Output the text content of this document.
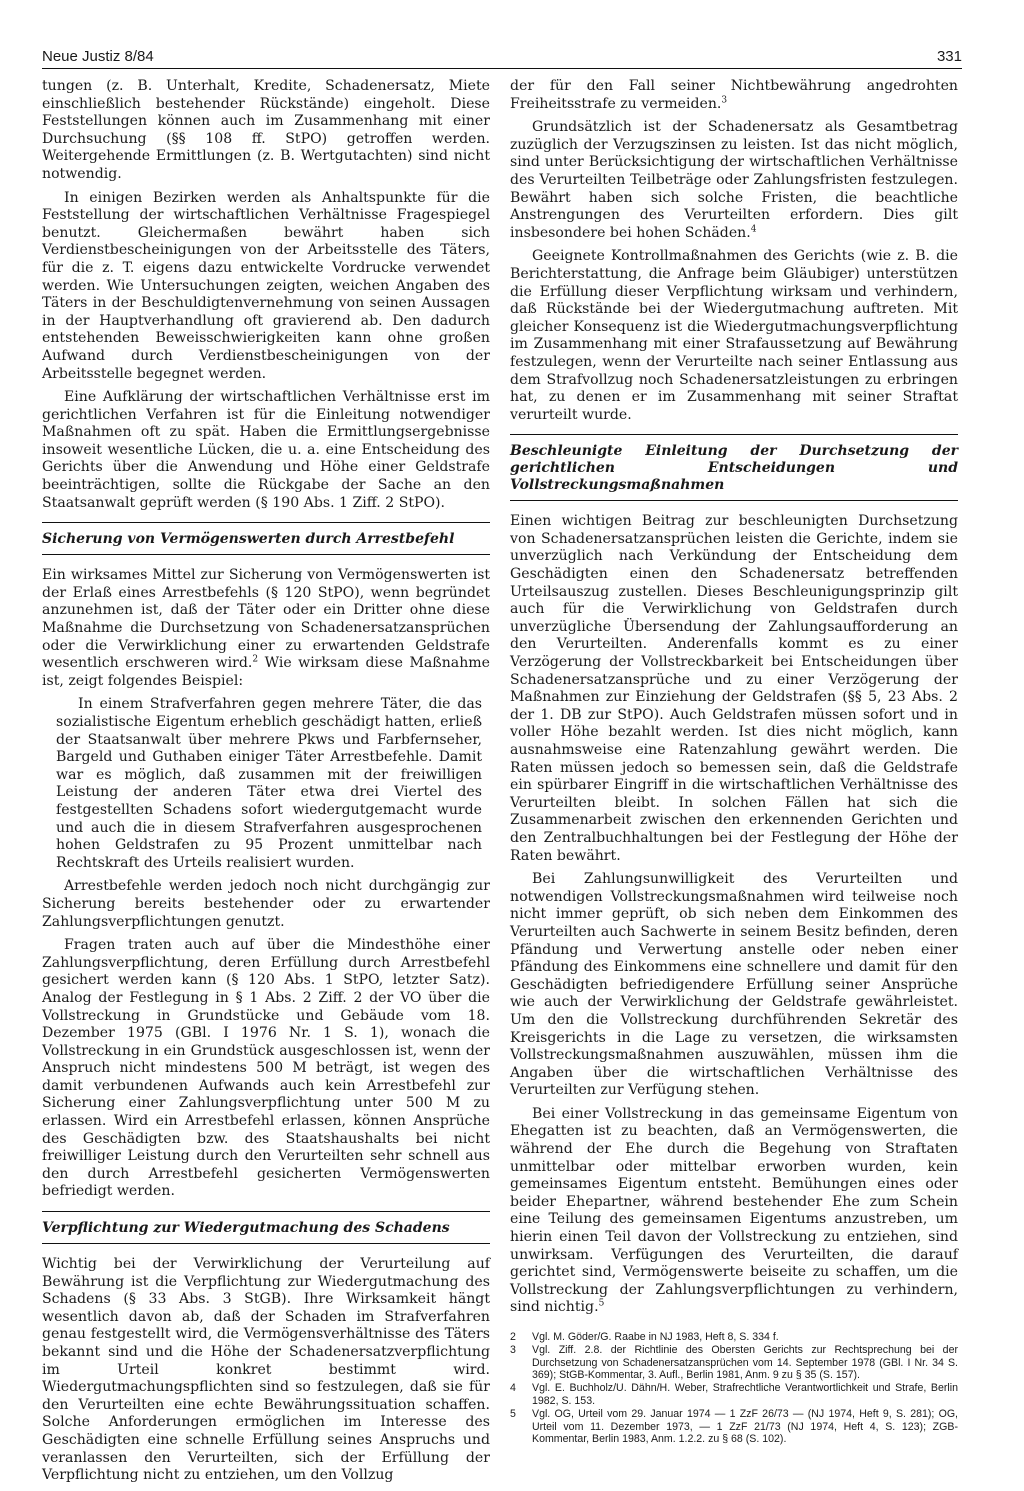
Neue Justiz 8/84	331

tungen (z. B. Unterhalt, Kredite, Schadenersatz, Miete einschließlich bestehender Rückstände) eingeholt. Diese Feststellungen können auch im Zusammenhang mit einer Durchsuchung (§§ 108 ff. StPO) getroffen werden. Weitergehende Ermittlungen (z. B. Wertgutachten) sind nicht notwendig.

In einigen Bezirken werden als Anhaltspunkte für die Feststellung der wirtschaftlichen Verhältnisse Fragespiegel benutzt. Gleichermaßen bewährt haben sich Verdienstbescheinigungen von der Arbeitsstelle des Täters, für die z. T. eigens dazu entwickelte Vordrucke verwendet werden. Wie Untersuchungen zeigten, weichen Angaben des Täters in der Beschuldigtenvernehmung von seinen Aussagen in der Hauptverhandlung oft gravierend ab. Den dadurch entstehenden Beweisschwierigkeiten kann ohne großen Aufwand durch Verdienstbescheinigungen von der Arbeitsstelle begegnet werden.

Eine Aufklärung der wirtschaftlichen Verhältnisse erst im gerichtlichen Verfahren ist für die Einleitung notwendiger Maßnahmen oft zu spät. Haben die Ermittlungsergebnisse insoweit wesentliche Lücken, die u. a. eine Entscheidung des Gerichts über die Anwendung und Höhe einer Geldstrafe beeinträchtigen, sollte die Rückgabe der Sache an den Staatsanwalt geprüft werden (§ 190 Abs. 1 Ziff. 2 StPO).

Sicherung von Vermögenswerten durch Arrestbefehl

Ein wirksames Mittel zur Sicherung von Vermögenswerten ist der Erlaß eines Arrestbefehls (§ 120 StPO), wenn begründet anzunehmen ist, daß der Täter oder ein Dritter ohne diese Maßnahme die Durchsetzung von Schadenersatzansprüchen oder die Verwirklichung einer zu erwartenden Geldstrafe wesentlich erschweren wird.$^2$ Wie wirksam diese Maßnahme ist, zeigt folgendes Beispiel:

In einem Strafverfahren gegen mehrere Täter, die das sozialistische Eigentum erheblich geschädigt hatten, erließ der Staatsanwalt über mehrere Pkws und Farbfernseher, Bargeld und Guthaben einiger Täter Arrestbefehle. Damit war es möglich, daß zusammen mit der freiwilligen Leistung der anderen Täter etwa drei Viertel des festgestellten Schadens sofort wiedergutgemacht wurde und auch die in diesem Strafverfahren ausgesprochenen hohen Geldstrafen zu 95 Prozent unmittelbar nach Rechtskraft des Urteils realisiert wurden.

Arrestbefehle werden jedoch noch nicht durchgängig zur Sicherung bereits bestehender oder zu erwartender Zahlungsverpflichtungen genutzt.

Fragen traten auch auf über die Mindesthöhe einer Zahlungsverpflichtung, deren Erfüllung durch Arrestbefehl gesichert werden kann (§ 120 Abs. 1 StPO, letzter Satz). Analog der Festlegung in § 1 Abs. 2 Ziff. 2 der VO über die Vollstreckung in Grundstücke und Gebäude vom 18. Dezember 1975 (GBl. I 1976 Nr. 1 S. 1), wonach die Vollstreckung in ein Grundstück ausgeschlossen ist, wenn der Anspruch nicht mindestens 500 M beträgt, ist wegen des damit verbundenen Aufwands auch kein Arrestbefehl zur Sicherung einer Zahlungsverpflichtung unter 500 M zu erlassen. Wird ein Arrestbefehl erlassen, können Ansprüche des Geschädigten bzw. des Staatshaushalts bei nicht freiwilliger Leistung durch den Verurteilten sehr schnell aus den durch Arrestbefehl gesicherten Vermögenswerten befriedigt werden.

Verpflichtung zur Wiedergutmachung des Schadens

Wichtig bei der Verwirklichung der Verurteilung auf Bewährung ist die Verpflichtung zur Wiedergutmachung des Schadens (§ 33 Abs. 3 StGB). Ihre Wirksamkeit hängt wesentlich davon ab, daß der Schaden im Strafverfahren genau festgestellt wird, die Vermögensverhältnisse des Täters bekannt sind und die Höhe der Schadenersatzverpflichtung im Urteil konkret bestimmt wird. Wiedergutmachungspflichten sind so festzulegen, daß sie für den Verurteilten eine echte Bewährungssituation schaffen. Solche Anforderungen ermöglichen im Interesse des Geschädigten eine schnelle Erfüllung seines Anspruchs und veranlassen den Verurteilten, sich der Erfüllung der Verpflichtung nicht zu entziehen, um den Vollzug

der für den Fall seiner Nichtbewährung angedrohten Freiheitsstrafe zu vermeiden.$^3$

Grundsätzlich ist der Schadenersatz als Gesamtbetrag zuzüglich der Verzugszinsen zu leisten. Ist das nicht möglich, sind unter Berücksichtigung der wirtschaftlichen Verhältnisse des Verurteilten Teilbeträge oder Zahlungsfristen festzulegen. Bewährt haben sich solche Fristen, die beachtliche Anstrengungen des Verurteilten erfordern. Dies gilt insbesondere bei hohen Schäden.$^4$

Geeignete Kontrollmaßnahmen des Gerichts (wie z. B. die Berichterstattung, die Anfrage beim Gläubiger) unterstützen die Erfüllung dieser Verpflichtung wirksam und verhindern, daß Rückstände bei der Wiedergutmachung auftreten. Mit gleicher Konsequenz ist die Wiedergutmachungsverpflichtung im Zusammenhang mit einer Strafaussetzung auf Bewährung festzulegen, wenn der Verurteilte nach seiner Entlassung aus dem Strafvollzug noch Schadenersatzleistungen zu erbringen hat, zu denen er im Zusammenhang mit seiner Straftat verurteilt wurde.

Beschleunigte Einleitung der Durchsetzung der gerichtlichen Entscheidungen und Vollstreckungsmaßnahmen

Einen wichtigen Beitrag zur beschleunigten Durchsetzung von Schadenersatzansprüchen leisten die Gerichte, indem sie unverzüglich nach Verkündung der Entscheidung dem Geschädigten einen den Schadenersatz betreffenden Urteilsauszug zustellen. Dieses Beschleunigungsprinzip gilt auch für die Verwirklichung von Geldstrafen durch unverzügliche Übersendung der Zahlungsaufforderung an den Verurteilten. Anderenfalls kommt es zu einer Verzögerung der Vollstreckbarkeit bei Entscheidungen über Schadenersatzansprüche und zu einer Verzögerung der Maßnahmen zur Einziehung der Geldstrafen (§§ 5, 23 Abs. 2 der 1. DB zur StPO). Auch Geldstrafen müssen sofort und in voller Höhe bezahlt werden. Ist dies nicht möglich, kann ausnahmsweise eine Ratenzahlung gewährt werden. Die Raten müssen jedoch so bemessen sein, daß die Geldstrafe ein spürbarer Eingriff in die wirtschaftlichen Verhältnisse des Verurteilten bleibt. In solchen Fällen hat sich die Zusammenarbeit zwischen den erkennenden Gerichten und den Zentralbuchhaltungen bei der Festlegung der Höhe der Raten bewährt.

Bei Zahlungsunwilligkeit des Verurteilten und notwendigen Vollstreckungsmaßnahmen wird teilweise noch nicht immer geprüft, ob sich neben dem Einkommen des Verurteilten auch Sachwerte in seinem Besitz befinden, deren Pfändung und Verwertung anstelle oder neben einer Pfändung des Einkommens eine schnellere und damit für den Geschädigten befriedigendere Erfüllung seiner Ansprüche wie auch der Verwirklichung der Geldstrafe gewährleistet. Um den die Vollstreckung durchführenden Sekretär des Kreisgerichts in die Lage zu versetzen, die wirksamsten Vollstreckungsmaßnahmen auszuwählen, müssen ihm die Angaben über die wirtschaftlichen Verhältnisse des Verurteilten zur Verfügung stehen.

Bei einer Vollstreckung in das gemeinsame Eigentum von Ehegatten ist zu beachten, daß an Vermögenswerten, die während der Ehe durch die Begehung von Straftaten unmittelbar oder mittelbar erworben wurden, kein gemeinsames Eigentum entsteht. Bemühungen eines oder beider Ehepartner, während bestehender Ehe zum Schein eine Teilung des gemeinsamen Eigentums anzustreben, um hierin einen Teil davon der Vollstreckung zu entziehen, sind unwirksam. Verfügungen des Verurteilten, die darauf gerichtet sind, Vermögenswerte beiseite zu schaffen, um die Vollstreckung der Zahlungsverpflichtungen zu verhindern, sind nichtig.$^5$

2	Vgl. M. Göder/G. Raabe in NJ 1983, Heft 8, S. 334 f.
3	Vgl. Ziff. 2.8. der Richtlinie des Obersten Gerichts zur Rechtsprechung bei der Durchsetzung von Schadenersatzansprüchen vom 14. September 1978 (GBl. I Nr. 34 S. 369); StGB-Kommentar, 3. Aufl., Berlin 1981, Anm. 9 zu § 35 (S. 157).
4	Vgl. E. Buchholz/U. Dähn/H. Weber, Strafrechtliche Verantwortlichkeit und Strafe, Berlin 1982, S. 153.
5	Vgl. OG, Urteil vom 29. Januar 1974 — 1 ZzF 26/73 — (NJ 1974, Heft 9, S. 281); OG, Urteil vom 11. Dezember 1973, — 1 ZzF 21/73 (NJ 1974, Heft 4, S. 123); ZGB-Kommentar, Berlin 1983, Anm. 1.2.2. zu § 68 (S. 102).
